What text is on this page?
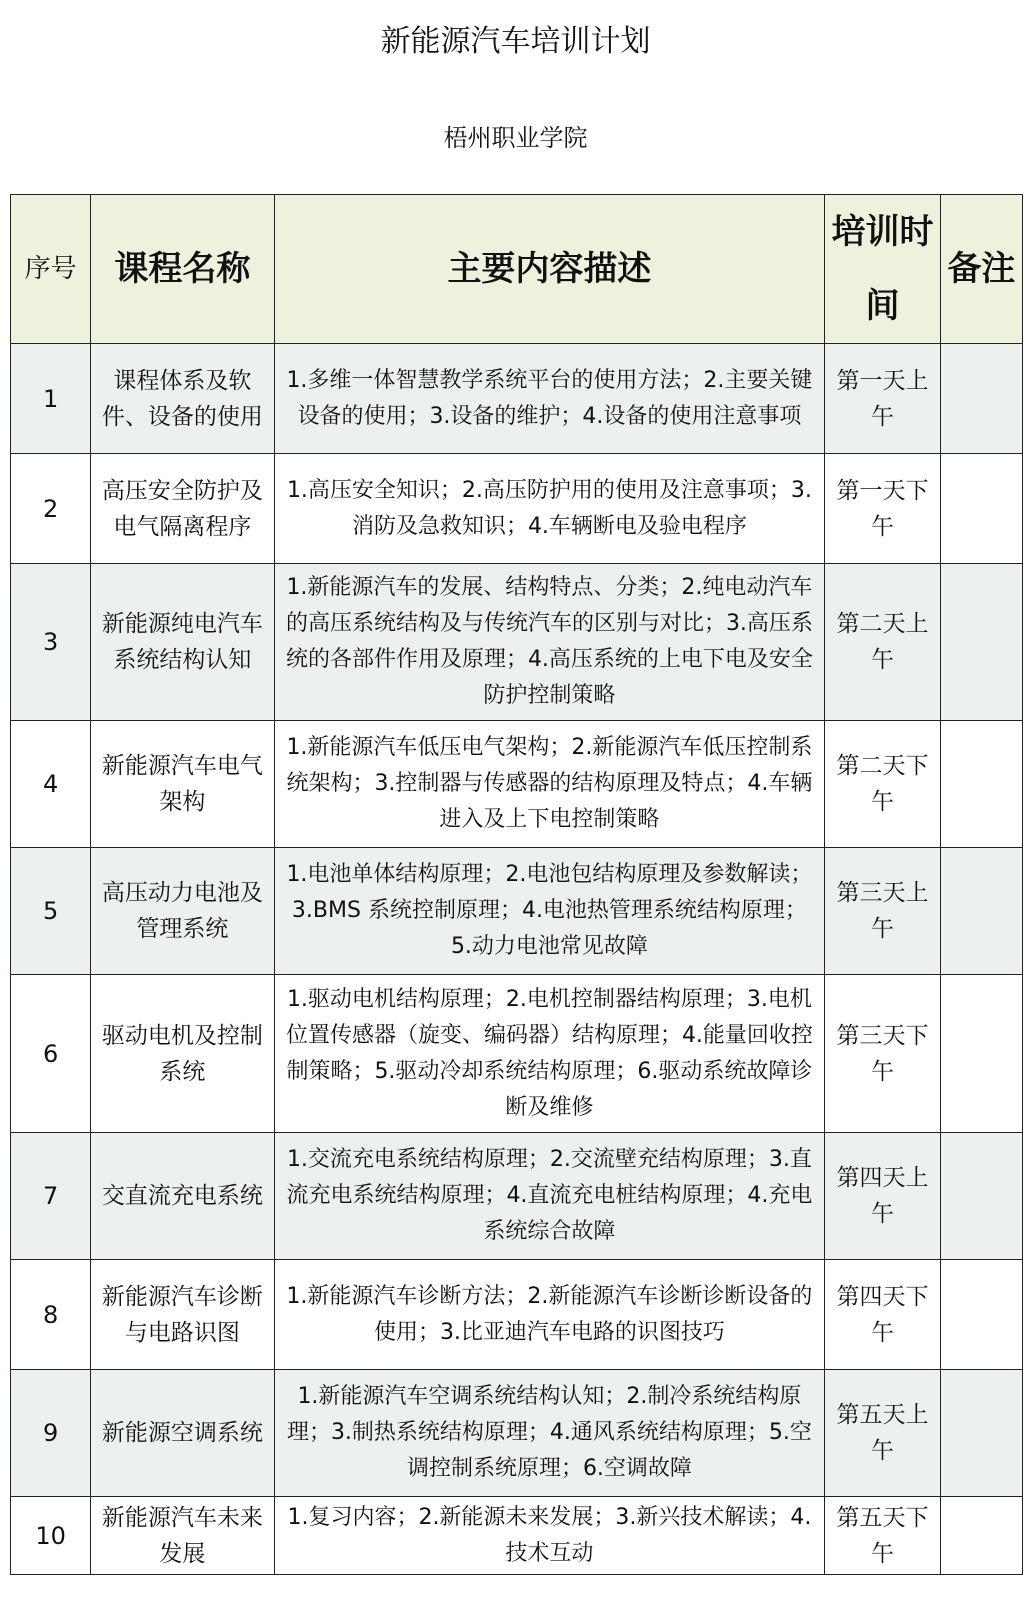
新能源汽车培训计划
梧州职业学院
序号	课程名称	主要内容描述	培训时间	备注
1	课程体系及软件、设备的使用	1.多维一体智慧教学系统平台的使用方法；2.主要关键设备的使用；3.设备的维护；4.设备的使用注意事项	第一天上午	
2	高压安全防护及电气隔离程序	1.高压安全知识；2.高压防护用的使用及注意事项；3.消防及急救知识；4.车辆断电及验电程序	第一天下午	
3	新能源纯电汽车系统结构认知	1.新能源汽车的发展、结构特点、分类；2.纯电动汽车的高压系统结构及与传统汽车的区别与对比；3.高压系统的各部件作用及原理；4.高压系统的上电下电及安全防护控制策略	第二天上午	
4	新能源汽车电气架构	1.新能源汽车低压电气架构；2.新能源汽车低压控制系统架构；3.控制器与传感器的结构原理及特点；4.车辆进入及上下电控制策略	第二天下午	
5	高压动力电池及管理系统	1.电池单体结构原理；2.电池包结构原理及参数解读；3.BMS 系统控制原理；4.电池热管理系统结构原理；5.动力电池常见故障	第三天上午	
6	驱动电机及控制系统	1.驱动电机结构原理；2.电机控制器结构原理；3.电机位置传感器（旋变、编码器）结构原理；4.能量回收控制策略；5.驱动冷却系统结构原理；6.驱动系统故障诊断及维修	第三天下午	
7	交直流充电系统	1.交流充电系统结构原理；2.交流壁充结构原理；3.直流充电系统结构原理；4.直流充电桩结构原理；4.充电系统综合故障	第四天上午	
8	新能源汽车诊断与电路识图	1.新能源汽车诊断方法；2.新能源汽车诊断诊断设备的使用；3.比亚迪汽车电路的识图技巧	第四天下午	
9	新能源空调系统	1.新能源汽车空调系统结构认知；2.制冷系统结构原理；3.制热系统结构原理；4.通风系统结构原理；5.空调控制系统原理；6.空调故障	第五天上午	
10	新能源汽车未来发展	1.复习内容；2.新能源未来发展；3.新兴技术解读；4.技术互动	第五天下午	
